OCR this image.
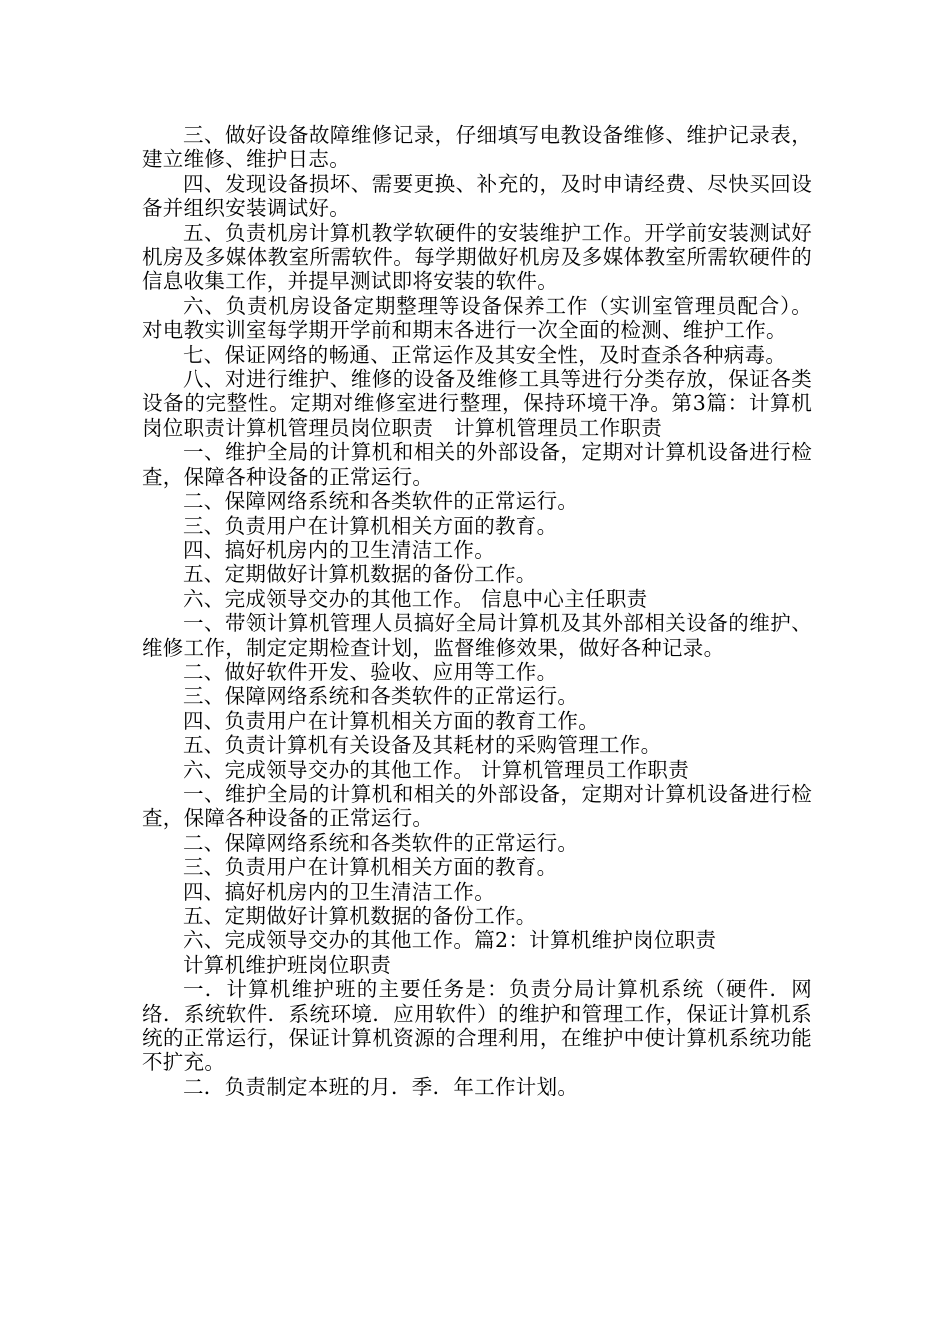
三、做好设备故障维修记录，仔细填写电教设备维修、维护记录表，建立维修、维护日志。

四、发现设备损坏、需要更换、补充的，及时申请经费、尽快买回设备并组织安装调试好。

五、负责机房计算机教学软硬件的安装维护工作。开学前安装测试好机房及多媒体教室所需软件。每学期做好机房及多媒体教室所需软硬件的信息收集工作，并提早测试即将安装的软件。

六、负责机房设备定期整理等设备保养工作（实训室管理员配合）。对电教实训室每学期开学前和期末各进行一次全面的检测、维护工作。

七、保证网络的畅通、正常运作及其安全性，及时查杀各种病毒。

八、对进行维护、维修的设备及维修工具等进行分类存放，保证各类设备的完整性。定期对维修室进行整理，保持环境干净。第3篇：计算机岗位职责计算机管理员岗位职责　计算机管理员工作职责

一、维护全局的计算机和相关的外部设备，定期对计算机设备进行检查，保障各种设备的正常运行。

二、保障网络系统和各类软件的正常运行。

三、负责用户在计算机相关方面的教育。

四、搞好机房内的卫生清洁工作。

五、定期做好计算机数据的备份工作。

六、完成领导交办的其他工作。 信息中心主任职责

一、带领计算机管理人员搞好全局计算机及其外部相关设备的维护、维修工作，制定定期检查计划，监督维修效果，做好各种记录。

二、做好软件开发、验收、应用等工作。

三、保障网络系统和各类软件的正常运行。

四、负责用户在计算机相关方面的教育工作。

五、负责计算机有关设备及其耗材的采购管理工作。

六、完成领导交办的其他工作。 计算机管理员工作职责

一、维护全局的计算机和相关的外部设备，定期对计算机设备进行检查，保障各种设备的正常运行。

二、保障网络系统和各类软件的正常运行。

三、负责用户在计算机相关方面的教育。

四、搞好机房内的卫生清洁工作。

五、定期做好计算机数据的备份工作。

六、完成领导交办的其他工作。篇2：计算机维护岗位职责

计算机维护班岗位职责

一．计算机维护班的主要任务是：负责分局计算机系统（硬件．网络．系统软件．系统环境．应用软件）的维护和管理工作，保证计算机系统的正常运行，保证计算机资源的合理利用，在维护中使计算机系统功能不扩充。

二．负责制定本班的月．季．年工作计划。
